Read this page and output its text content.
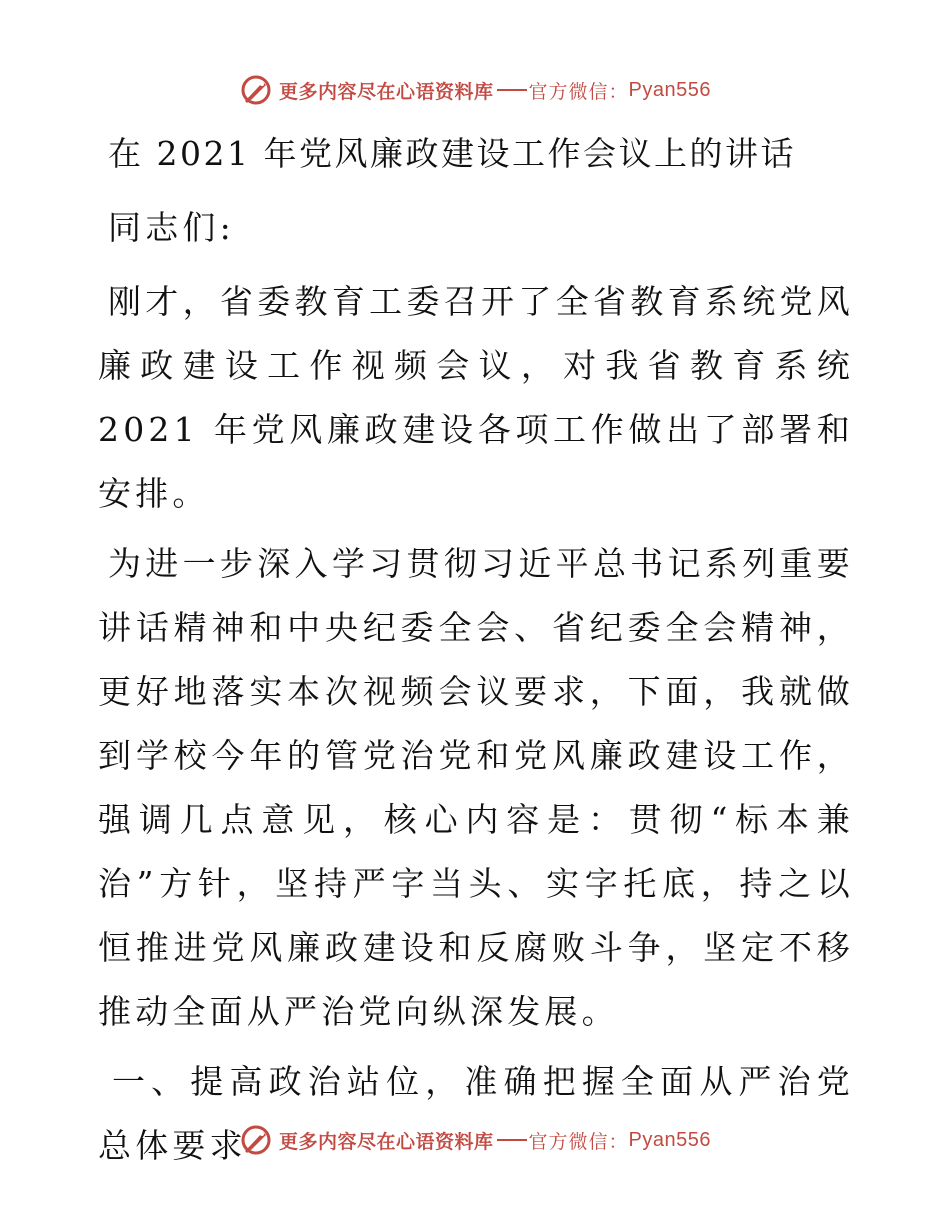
更多内容尽在心语资料库 官方微信： Pyan556

在 2021 年党风廉政建设工作会议上的讲话

同志们:

刚才，省委教育工委召开了全省教育系统党风廉政建设工作视频会议，对我省教育系统 2021 年党风廉政建设各项工作做出了部署和安排。

为进一步深入学习贯彻习近平总书记系列重要讲话精神和中央纪委全会、省纪委全会精神，更好地落实本次视频会议要求，下面，我就做到学校今年的管党治党和党风廉政建设工作，强调几点意见，核心内容是：贯彻“标本兼治”方针，坚持严字当头、实字托底，持之以恒推进党风廉政建设和反腐败斗争，坚定不移推动全面从严治党向纵深发展。

一、提高政治站位，准确把握全面从严治党总体要求	更多内容尽在心语资料库 官方微信： Pyan556
